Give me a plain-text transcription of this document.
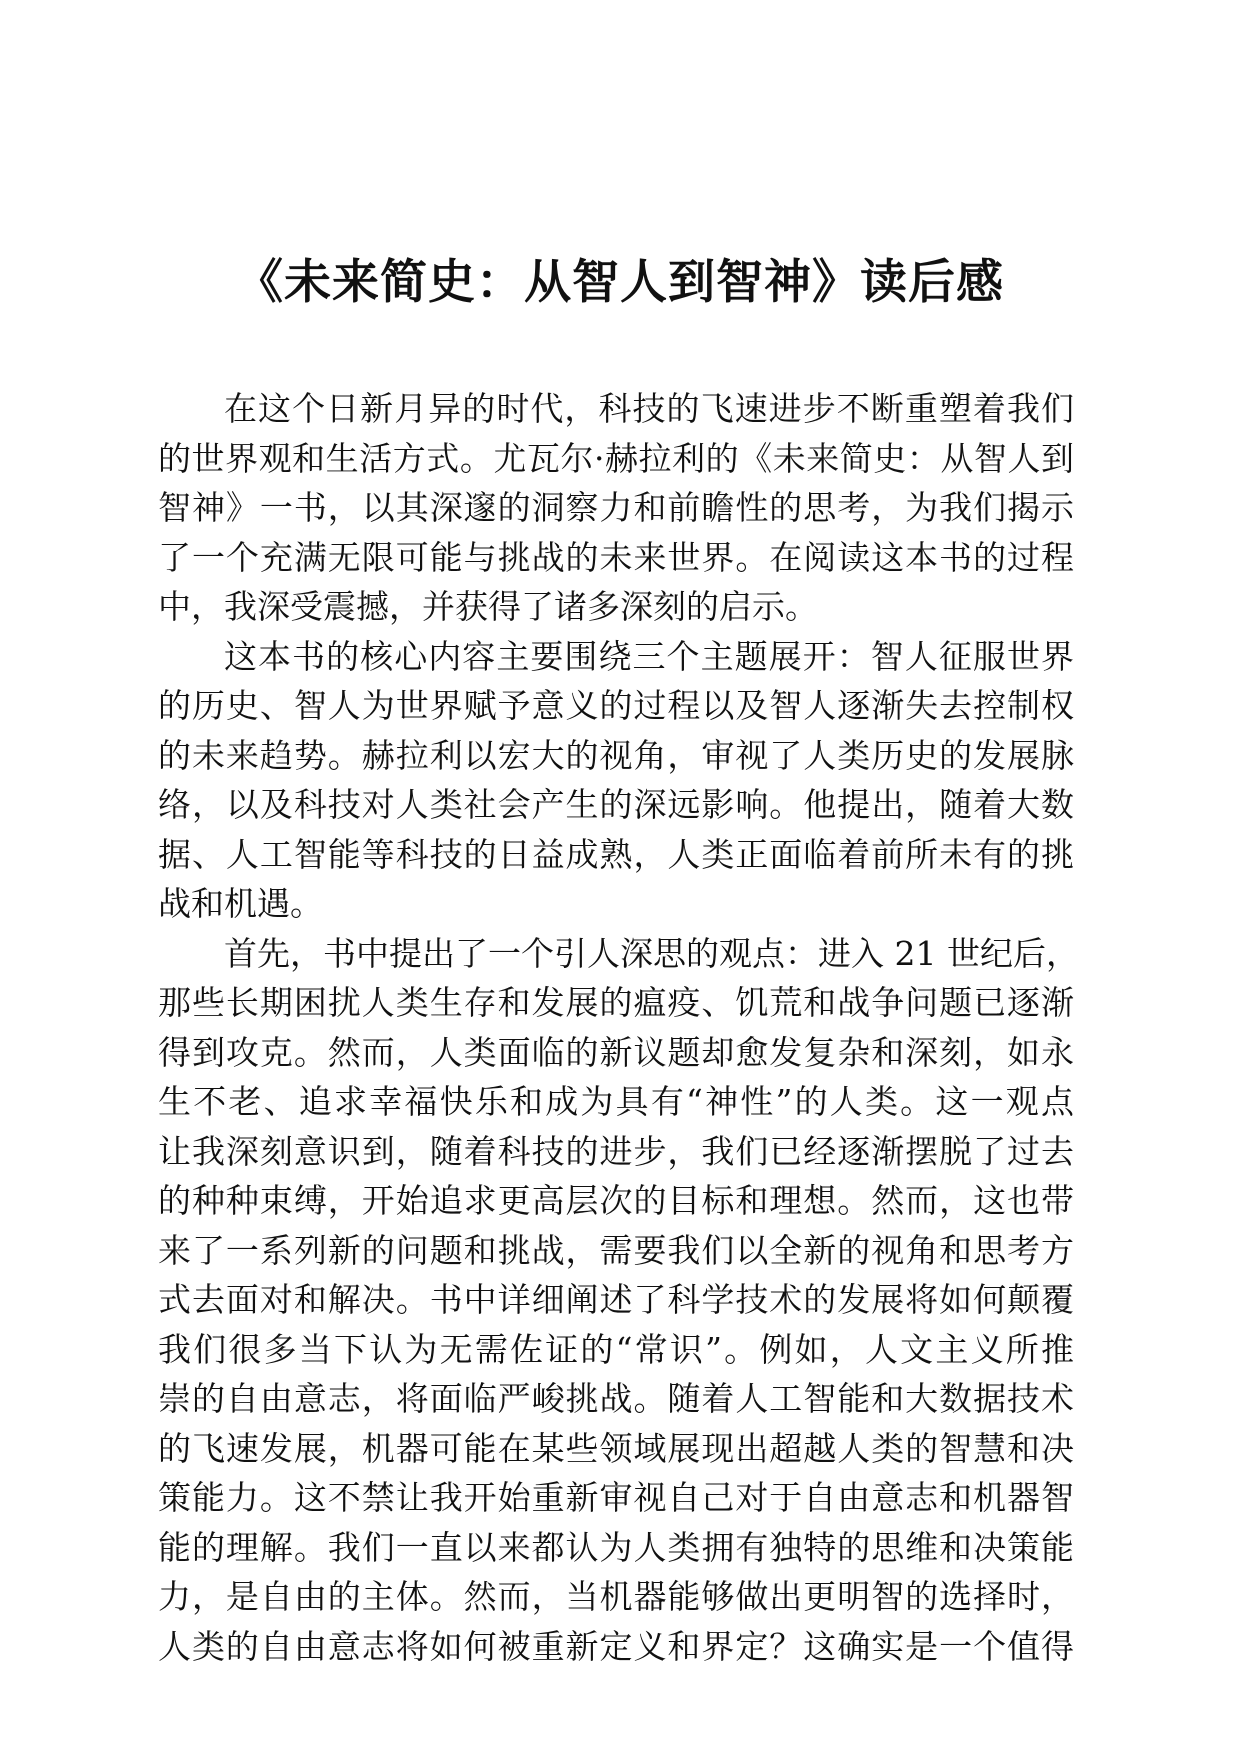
《未来简史：从智人到智神》读后感
在这个日新月异的时代，科技的飞速进步不断重塑着我们
的世界观和生活方式。尤瓦尔·赫拉利的《未来简史：从智人到
智神》一书，以其深邃的洞察力和前瞻性的思考，为我们揭示
了一个充满无限可能与挑战的未来世界。在阅读这本书的过程
中，我深受震撼，并获得了诸多深刻的启示。
这本书的核心内容主要围绕三个主题展开：智人征服世界
的历史、智人为世界赋予意义的过程以及智人逐渐失去控制权
的未来趋势。赫拉利以宏大的视角，审视了人类历史的发展脉
络，以及科技对人类社会产生的深远影响。他提出，随着大数
据、人工智能等科技的日益成熟，人类正面临着前所未有的挑
战和机遇。
首先，书中提出了一个引人深思的观点：进入 21 世纪后，
那些长期困扰人类生存和发展的瘟疫、饥荒和战争问题已逐渐
得到攻克。然而，人类面临的新议题却愈发复杂和深刻，如永
生不老、追求幸福快乐和成为具有“神性”的人类。这一观点
让我深刻意识到，随着科技的进步，我们已经逐渐摆脱了过去
的种种束缚，开始追求更高层次的目标和理想。然而，这也带
来了一系列新的问题和挑战，需要我们以全新的视角和思考方
式去面对和解决。书中详细阐述了科学技术的发展将如何颠覆
我们很多当下认为无需佐证的“常识”。例如，人文主义所推
崇的自由意志，将面临严峻挑战。随着人工智能和大数据技术
的飞速发展，机器可能在某些领域展现出超越人类的智慧和决
策能力。这不禁让我开始重新审视自己对于自由意志和机器智
能的理解。我们一直以来都认为人类拥有独特的思维和决策能
力，是自由的主体。然而，当机器能够做出更明智的选择时，
人类的自由意志将如何被重新定义和界定？这确实是一个值得
